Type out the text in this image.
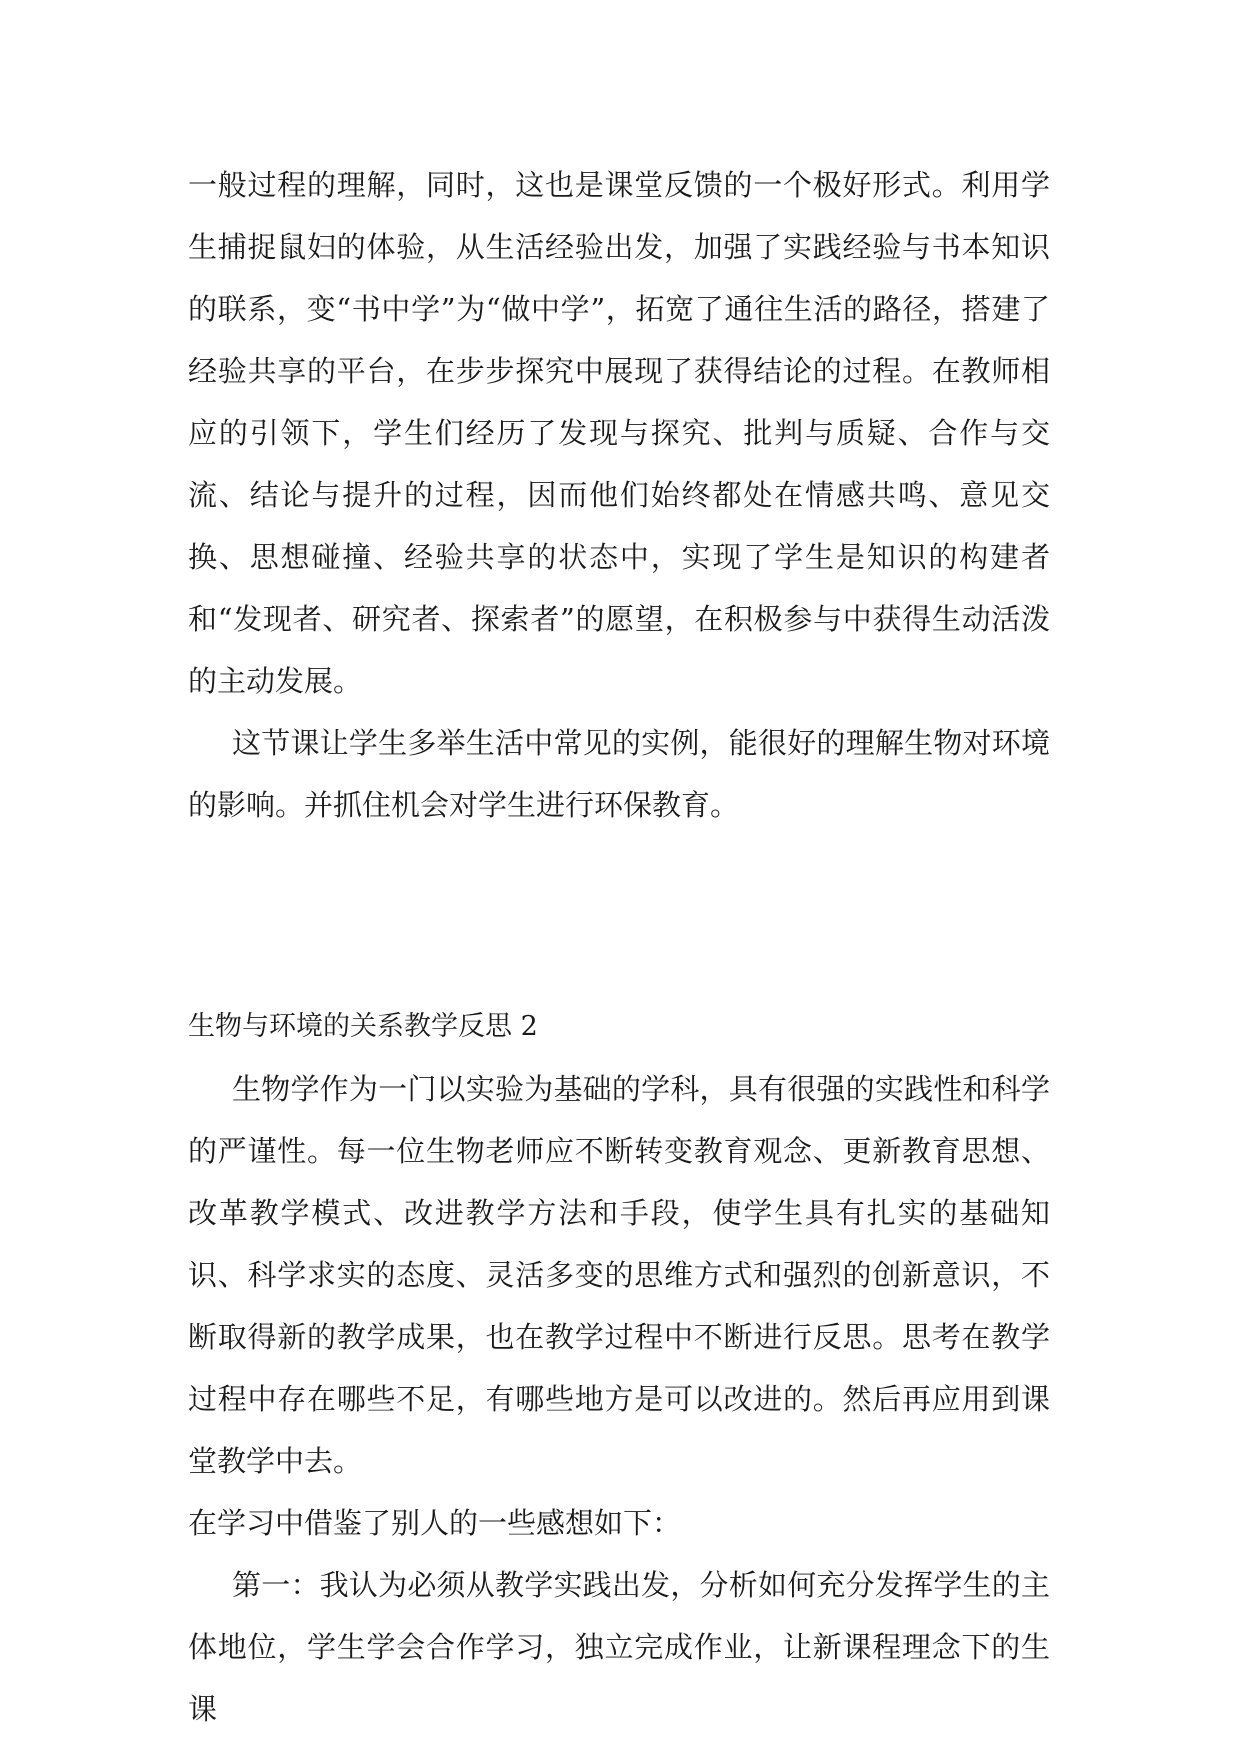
一般过程的理解，同时，这也是课堂反馈的一个极好形式。利用学生捕捉鼠妇的体验，从生活经验出发，加强了实践经验与书本知识的联系，变“书中学”为“做中学”，拓宽了通往生活的路径，搭建了经验共享的平台，在步步探究中展现了获得结论的过程。在教师相应的引领下，学生们经历了发现与探究、批判与质疑、合作与交流、结论与提升的过程，因而他们始终都处在情感共鸣、意见交换、思想碰撞、经验共享的状态中，实现了学生是知识的构建者和“发现者、研究者、探索者”的愿望，在积极参与中获得生动活泼的主动发展。

这节课让学生多举生活中常见的实例，能很好的理解生物对环境的影响。并抓住机会对学生进行环保教育。

生物与环境的关系教学反思 2

生物学作为一门以实验为基础的学科，具有很强的实践性和科学的严谨性。每一位生物老师应不断转变教育观念、更新教育思想、改革教学模式、改进教学方法和手段，使学生具有扎实的基础知识、科学求实的态度、灵活多变的思维方式和强烈的创新意识，不断取得新的教学成果，也在教学过程中不断进行反思。思考在教学过程中存在哪些不足，有哪些地方是可以改进的。然后再应用到课堂教学中去。

在学习中借鉴了别人的一些感想如下：

第一：我认为必须从教学实践出发，分析如何充分发挥学生的主体地位，学生学会合作学习，独立完成作业，让新课程理念下的生课
